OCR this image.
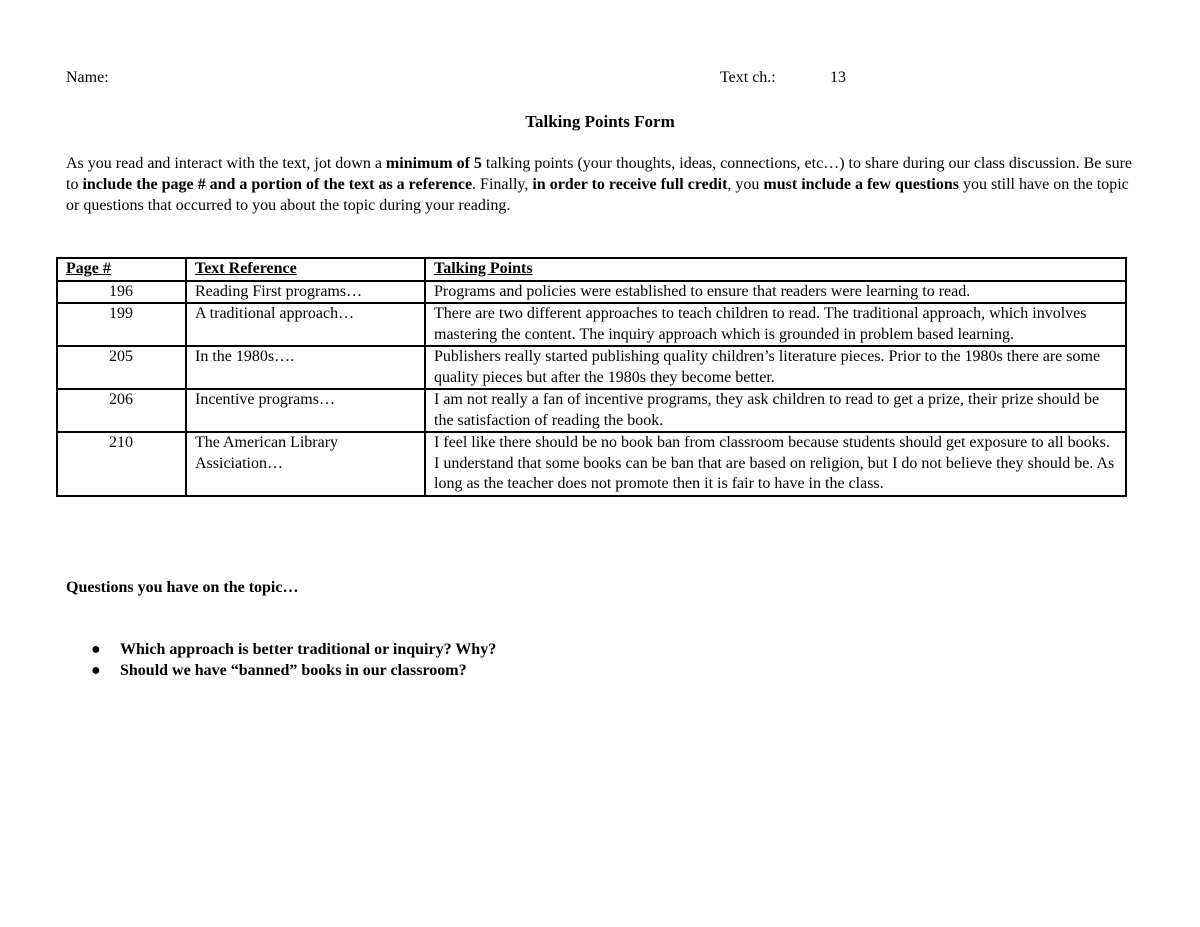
Name:	Text ch.:	13
Talking Points Form

As you read and interact with the text, jot down a minimum of 5 talking points (your thoughts, ideas, connections, etc…) to share during our class discussion. Be sure to include the page # and a portion of the text as a reference. Finally, in order to receive full credit, you must include a few questions you still have on the topic or questions that occurred to you about the topic during your reading.

Page #	Text Reference	Talking Points
196	Reading First programs…	Programs and policies were established to ensure that readers were learning to read.
199	A traditional approach…	There are two different approaches to teach children to read. The traditional approach, which involves mastering the content. The inquiry approach which is grounded in problem based learning.
205	In the 1980s….	Publishers really started publishing quality children’s literature pieces. Prior to the 1980s there are some quality pieces but after the 1980s they become better.
206	Incentive programs…	I am not really a fan of incentive programs, they ask children to read to get a prize, their prize should be the satisfaction of reading the book.
210	The American Library Assiciation…	I feel like there should be no book ban from classroom because students should get exposure to all books. I understand that some books can be ban that are based on religion, but I do not believe they should be. As long as the teacher does not promote then it is fair to have in the class.
Questions you have on the topic…
● Which approach is better traditional or inquiry? Why?
● Should we have “banned” books in our classroom?
